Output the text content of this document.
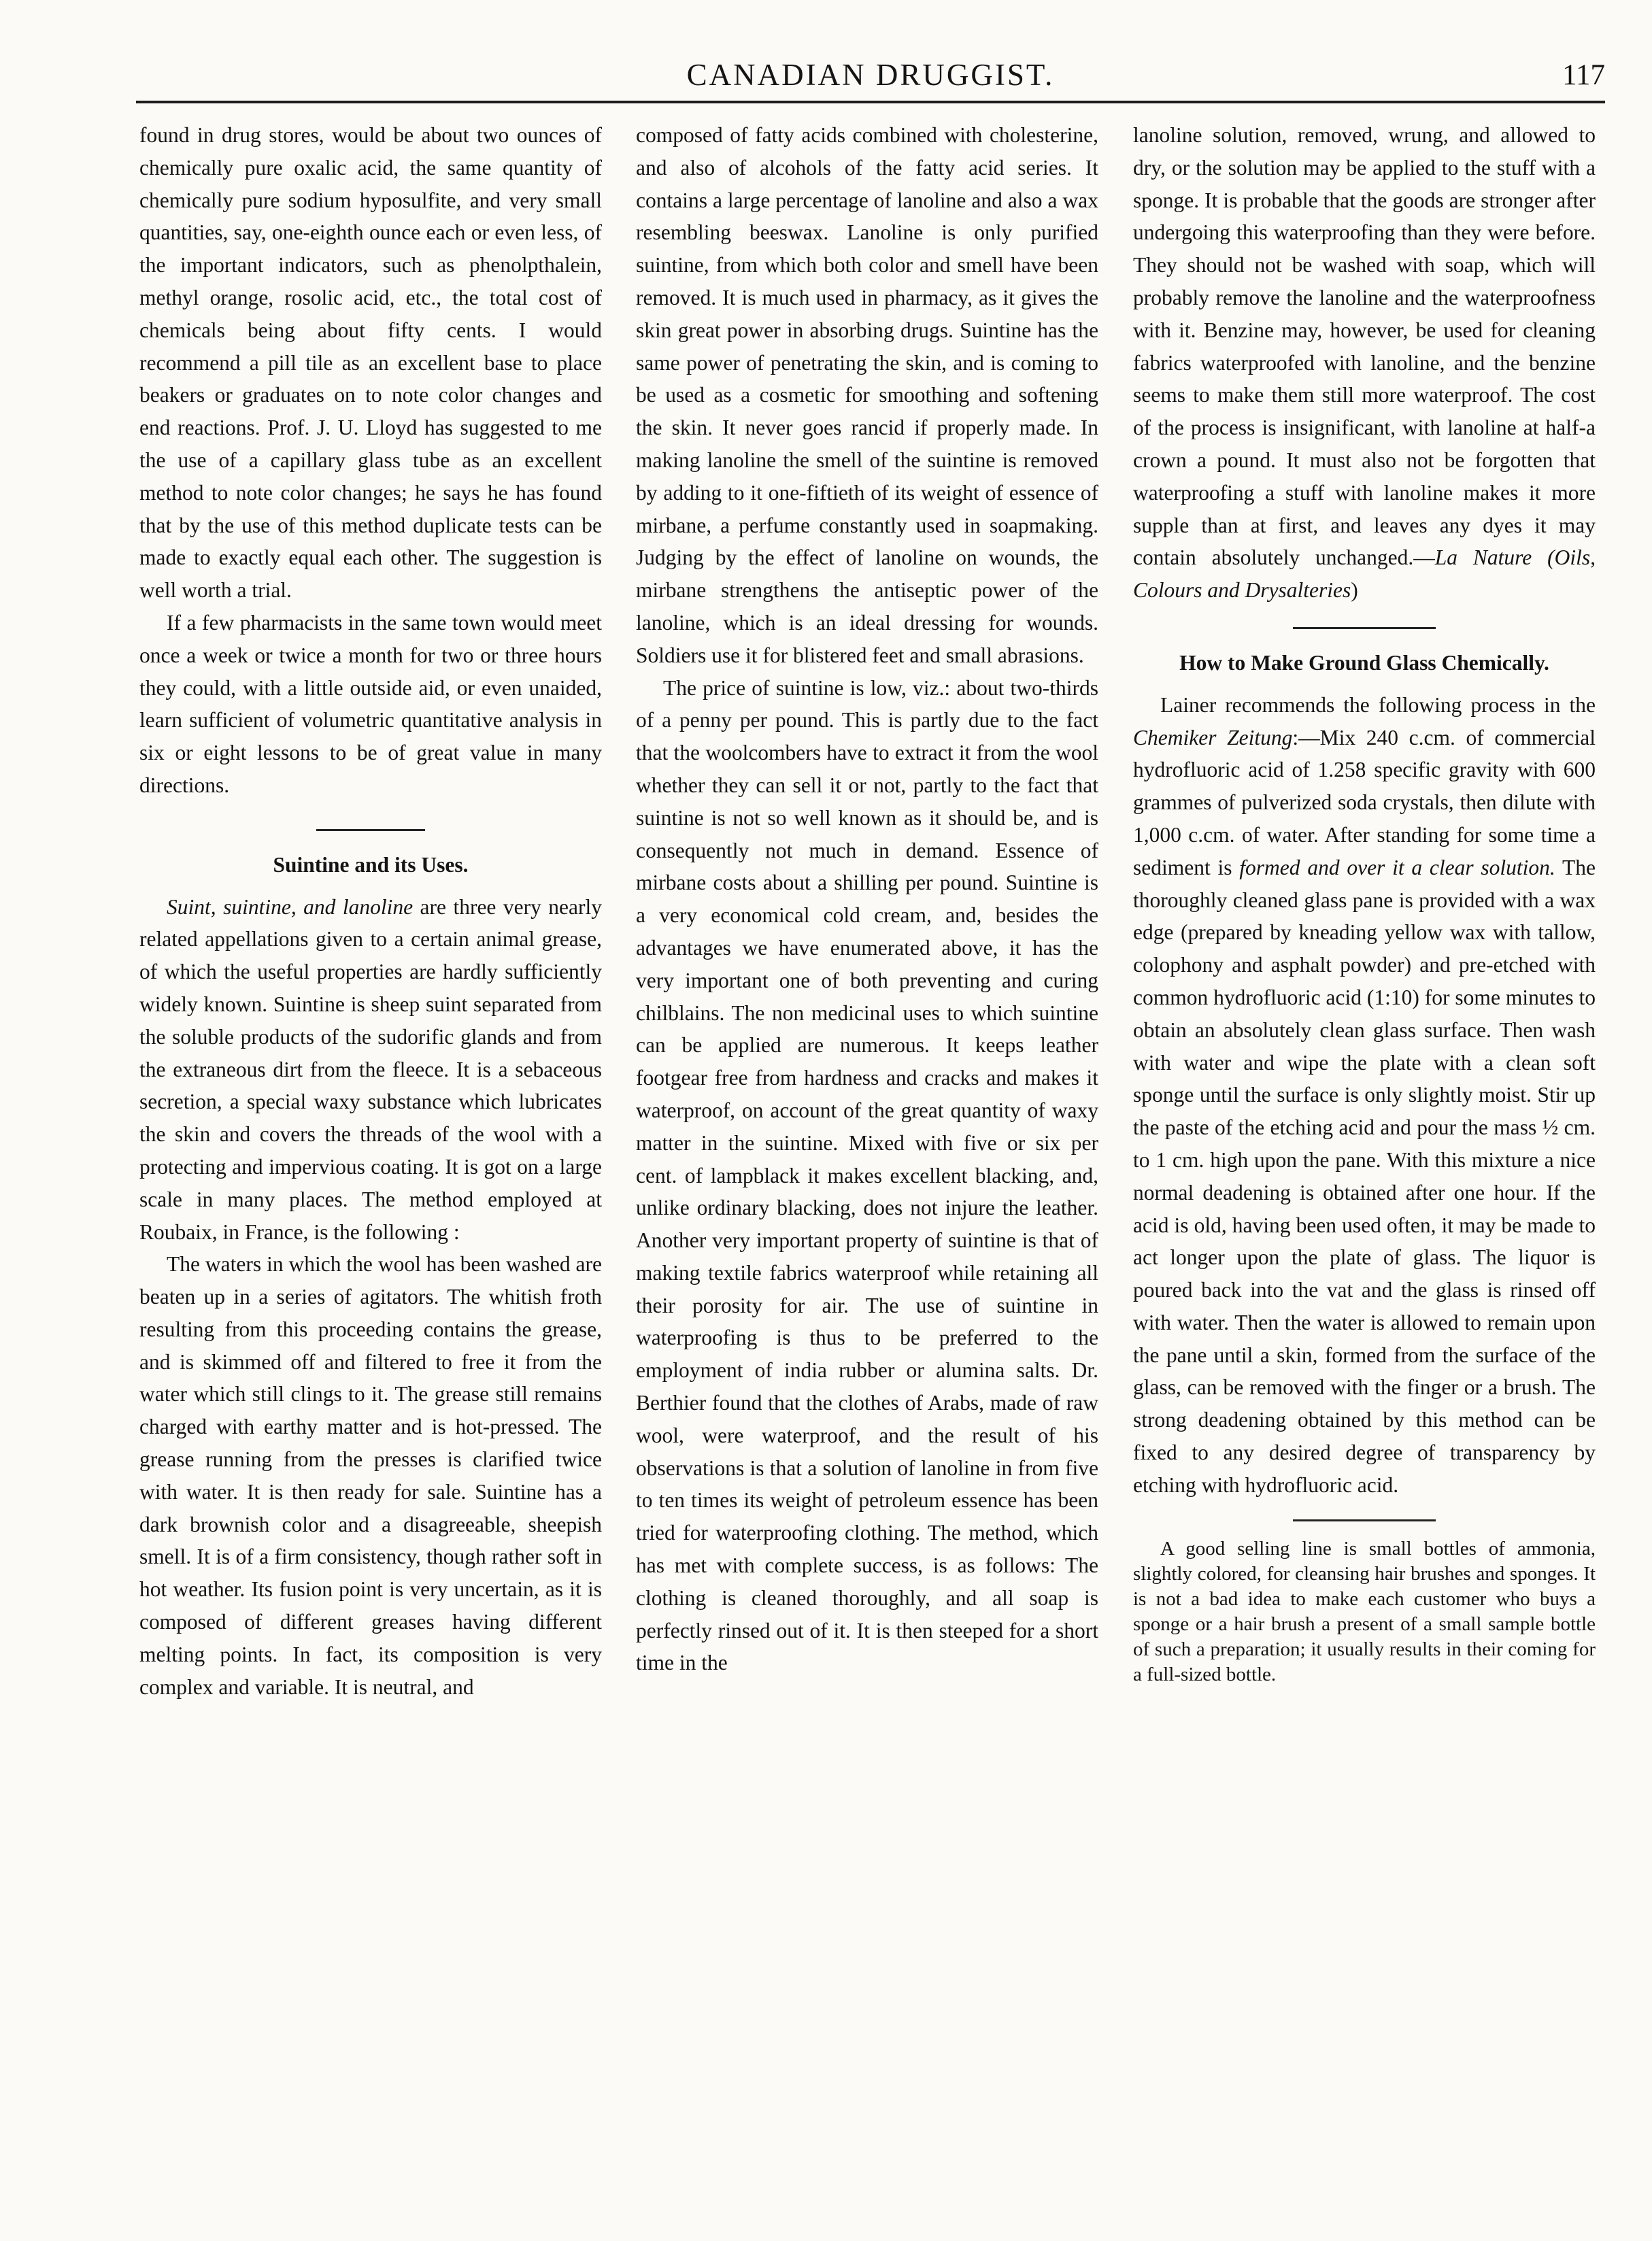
CANADIAN DRUGGIST.	117

found in drug stores, would be about two ounces of chemically pure oxalic acid, the same quantity of chemically pure sodium hyposulfite, and very small quantities, say, one-eighth ounce each or even less, of the important indicators, such as phenolpthalein, methyl orange, rosolic acid, etc., the total cost of chemicals being about fifty cents. I would recommend a pill tile as an excellent base to place beakers or graduates on to note color changes and end reactions. Prof. J. U. Lloyd has suggested to me the use of a capillary glass tube as an excellent method to note color changes; he says he has found that by the use of this method duplicate tests can be made to exactly equal each other. The suggestion is well worth a trial.

If a few pharmacists in the same town would meet once a week or twice a month for two or three hours they could, with a little outside aid, or even unaided, learn sufficient of volumetric quantitative analysis in six or eight lessons to be of great value in many directions.

Suintine and its Uses.

Suint, suintine, and lanoline are three very nearly related appellations given to a certain animal grease, of which the useful properties are hardly sufficiently widely known. Suintine is sheep suint separated from the soluble products of the sudorific glands and from the extraneous dirt from the fleece. It is a sebaceous secretion, a special waxy substance which lubricates the skin and covers the threads of the wool with a protecting and impervious coating. It is got on a large scale in many places. The method employed at Roubaix, in France, is the following :

The waters in which the wool has been washed are beaten up in a series of agitators. The whitish froth resulting from this proceeding contains the grease, and is skimmed off and filtered to free it from the water which still clings to it. The grease still remains charged with earthy matter and is hot-pressed. The grease running from the presses is clarified twice with water. It is then ready for sale. Suintine has a dark brownish color and a disagreeable, sheepish smell. It is of a firm consistency, though rather soft in hot weather. Its fusion point is very uncertain, as it is composed of different greases having different melting points. In fact, its composition is very complex and variable. It is neutral, and

composed of fatty acids combined with cholesterine, and also of alcohols of the fatty acid series. It contains a large percentage of lanoline and also a wax resembling beeswax. Lanoline is only purified suintine, from which both color and smell have been removed. It is much used in pharmacy, as it gives the skin great power in absorbing drugs. Suintine has the same power of penetrating the skin, and is coming to be used as a cosmetic for smoothing and softening the skin. It never goes rancid if properly made. In making lanoline the smell of the suintine is removed by adding to it one-fiftieth of its weight of essence of mirbane, a perfume constantly used in soapmaking. Judging by the effect of lanoline on wounds, the mirbane strengthens the antiseptic power of the lanoline, which is an ideal dressing for wounds. Soldiers use it for blistered feet and small abrasions.

The price of suintine is low, viz.: about two-thirds of a penny per pound. This is partly due to the fact that the woolcombers have to extract it from the wool whether they can sell it or not, partly to the fact that suintine is not so well known as it should be, and is consequently not much in demand. Essence of mirbane costs about a shilling per pound. Suintine is a very economical cold cream, and, besides the advantages we have enumerated above, it has the very important one of both preventing and curing chilblains. The non medicinal uses to which suintine can be applied are numerous. It keeps leather footgear free from hardness and cracks and makes it waterproof, on account of the great quantity of waxy matter in the suintine. Mixed with five or six per cent. of lampblack it makes excellent blacking, and, unlike ordinary blacking, does not injure the leather. Another very important property of suintine is that of making textile fabrics waterproof while retaining all their porosity for air. The use of suintine in waterproofing is thus to be preferred to the employment of india rubber or alumina salts. Dr. Berthier found that the clothes of Arabs, made of raw wool, were waterproof, and the result of his observations is that a solution of lanoline in from five to ten times its weight of petroleum essence has been tried for waterproofing clothing. The method, which has met with complete success, is as follows: The clothing is cleaned thoroughly, and all soap is perfectly rinsed out of it. It is then steeped for a short time in the

lanoline solution, removed, wrung, and allowed to dry, or the solution may be applied to the stuff with a sponge. It is probable that the goods are stronger after undergoing this waterproofing than they were before. They should not be washed with soap, which will probably remove the lanoline and the waterproofness with it. Benzine may, however, be used for cleaning fabrics waterproofed with lanoline, and the benzine seems to make them still more waterproof. The cost of the process is insignificant, with lanoline at half-a crown a pound. It must also not be forgotten that waterproofing a stuff with lanoline makes it more supple than at first, and leaves any dyes it may contain absolutely unchanged.—La Nature (Oils, Colours and Drysalteries)

How to Make Ground Glass Chemically.

Lainer recommends the following process in the Chemiker Zeitung:—Mix 240 c.cm. of commercial hydrofluoric acid of 1.258 specific gravity with 600 grammes of pulverized soda crystals, then dilute with 1,000 c.cm. of water. After standing for some time a sediment is formed and over it a clear solution. The thoroughly cleaned glass pane is provided with a wax edge (prepared by kneading yellow wax with tallow, colophony and asphalt powder) and pre-etched with common hydrofluoric acid (1:10) for some minutes to obtain an absolutely clean glass surface. Then wash with water and wipe the plate with a clean soft sponge until the surface is only slightly moist. Stir up the paste of the etching acid and pour the mass ½ cm. to 1 cm. high upon the pane. With this mixture a nice normal deadening is obtained after one hour. If the acid is old, having been used often, it may be made to act longer upon the plate of glass. The liquor is poured back into the vat and the glass is rinsed off with water. Then the water is allowed to remain upon the pane until a skin, formed from the surface of the glass, can be removed with the finger or a brush. The strong deadening obtained by this method can be fixed to any desired degree of transparency by etching with hydrofluoric acid.

A good selling line is small bottles of ammonia, slightly colored, for cleansing hair brushes and sponges. It is not a bad idea to make each customer who buys a sponge or a hair brush a present of a small sample bottle of such a preparation; it usually results in their coming for a full-sized bottle.
